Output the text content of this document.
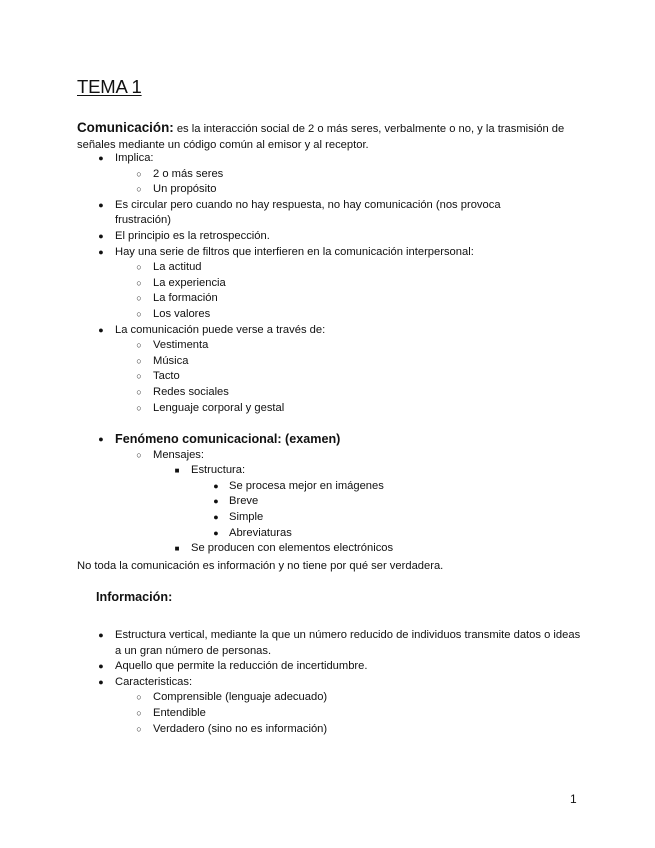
TEMA 1

Comunicación: es la interacción social de 2 o más seres, verbalmente o no, y la trasmisión de señales mediante un código común al emisor y al receptor.

● Implica:
○ 2 o más seres
○ Un propósito
● Es circular pero cuando no hay respuesta, no hay comunicación (nos provoca frustración)
● El principio es la retrospección.
● Hay una serie de filtros que interfieren en la comunicación interpersonal:
○ La actitud
○ La experiencia
○ La formación
○ Los valores
● La comunicación puede verse a través de:
○ Vestimenta
○ Música
○ Tacto
○ Redes sociales
○ Lenguaje corporal y gestal
● Fenómeno comunicacional: (examen)
○ Mensajes:
■	Estructura:
● Se procesa mejor en imágenes
● Breve
● Simple
● Abreviaturas
■	Se producen con elementos electrónicos

No toda la comunicación es información y no tiene por qué ser verdadera.

Información:
● Estructura vertical, mediante la que un número reducido de individuos transmite datos o ideas a un gran número de personas.
● Aquello que permite la reducción de incertidumbre.
● Caracteristicas:
○ Comprensible (lenguaje adecuado)
○ Entendible
○ Verdadero (sino no es información)
1
